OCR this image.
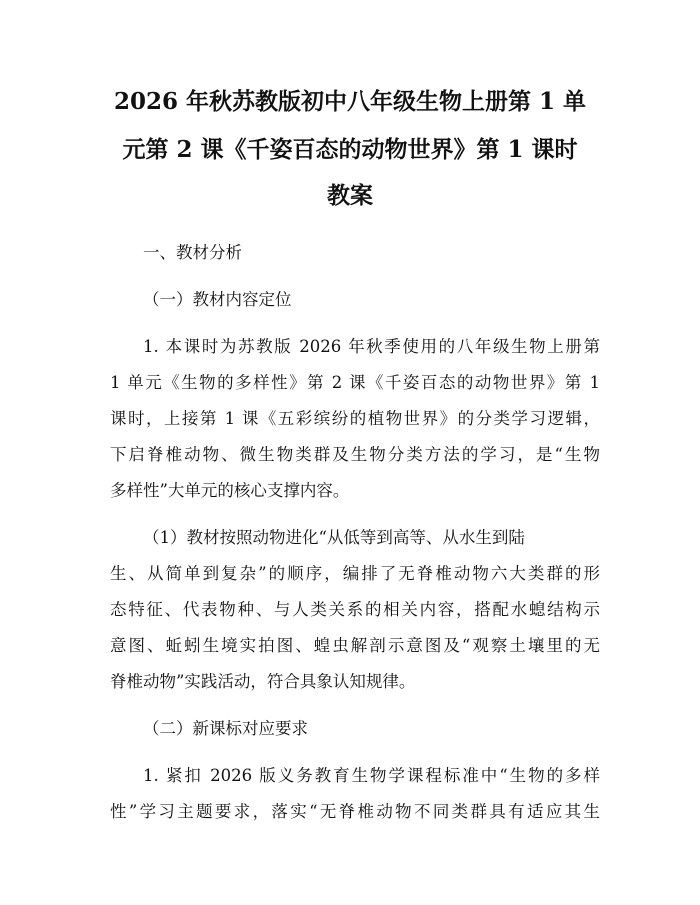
2026 年秋苏教版初中八年级生物上册第 1 单
元第 2 课《千姿百态的动物世界》第 1 课时
教案
一、教材分析
（一）教材内容定位
1. 本课时为苏教版 2026 年秋季使用的八年级生物上册第
1 单元《生物的多样性》第 2 课《千姿百态的动物世界》第 1
课时，上接第 1 课《五彩缤纷的植物世界》的分类学习逻辑，
下启脊椎动物、微生物类群及生物分类方法的学习，是“生物
多样性”大单元的核心支撑内容。
（1）教材按照动物进化“从低等到高等、从水生到陆
生、从简单到复杂”的顺序，编排了无脊椎动物六大类群的形
态特征、代表物种、与人类关系的相关内容，搭配水螅结构示
意图、蚯蚓生境实拍图、蝗虫解剖示意图及“观察土壤里的无
脊椎动物”实践活动，符合具象认知规律。
（二）新课标对应要求
1. 紧扣 2026 版义务教育生物学课程标准中“生物的多样
性”学习主题要求，落实“无脊椎动物不同类群具有适应其生
